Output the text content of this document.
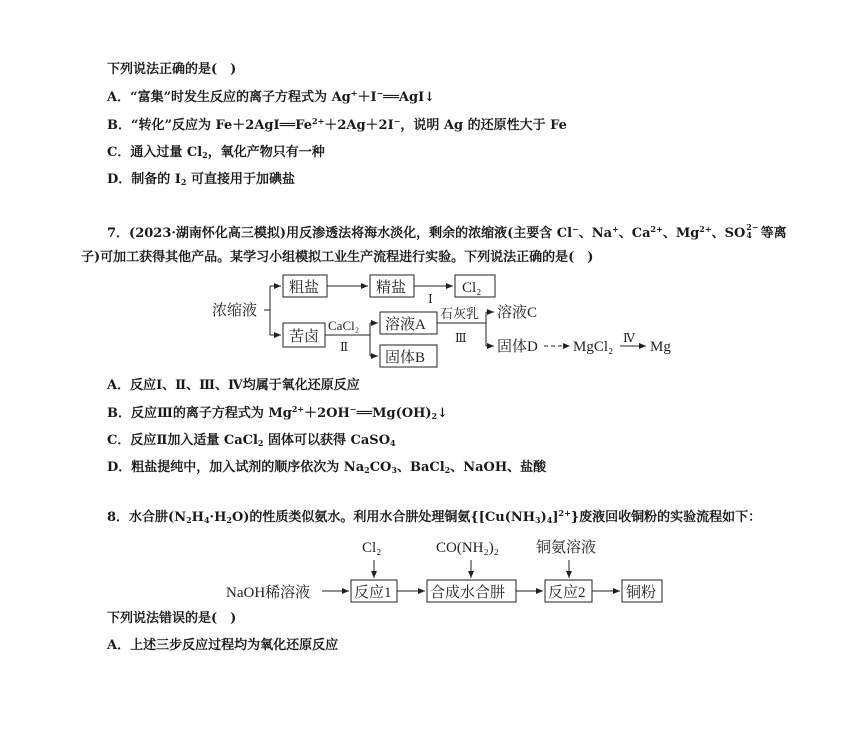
下列说法正确的是(　)
A．“富集”时发生反应的离子方程式为 Ag+＋I−══AgI↓
B．“转化”反应为 $Fe+2AgI══Fe^{2+}+2Ag+2I^-$，说明 Ag 的还原性大于 Fe
C．通入过量 $Cl_2$，氧化产物只有一种
D．制备的 $I_2$ 可直接用于加碘盐
7．(2023·湖南怀化高三模拟)用反渗透法将海水淡化，剩余的浓缩液(主要含 Cl−、Na+、$Ca^{2+}$、$Mg^{2+}$、SO 2−
4 等离
子)可加工获得其他产品。某学习小组模拟工业生产流程进行实验。下列说法正确的是(　)
浓缩液
粗盐	精盐
Ⅰ
Cl₂
苦卤
CaCl₂
Ⅱ
溶液A
固体B
石灰乳
Ⅲ
溶液C
固体D MgCl₂
Ⅳ
Mg
A．反应Ⅰ、Ⅱ、Ⅲ、Ⅳ均属于氧化还原反应
B．反应Ⅲ的离子方程式为 $Mg^{2+}+2OH^-══Mg(OH)_2↓$
C．反应Ⅱ加入适量 CaCl$_2$ 固体可以获得 CaSO$_4$
D．粗盐提纯中，加入试剂的顺序依次为 $Na_2CO_3$、BaCl$_2$、NaOH、盐酸
8．水合肼$(N_2H_4\cdot H_2O)$的性质类似氨水。利用水合肼处理铜氨$\{[Cu(NH_3)_4]^{2+}\}$废液回收铜粉的实验流程如下：
Cl₂	CO(NH₂)₂ 铜氨溶液
NaOH稀溶液	反应1	合成水合肼	反应2	铜粉
下列说法错误的是(　)
A．上述三步反应过程均为氧化还原反应
